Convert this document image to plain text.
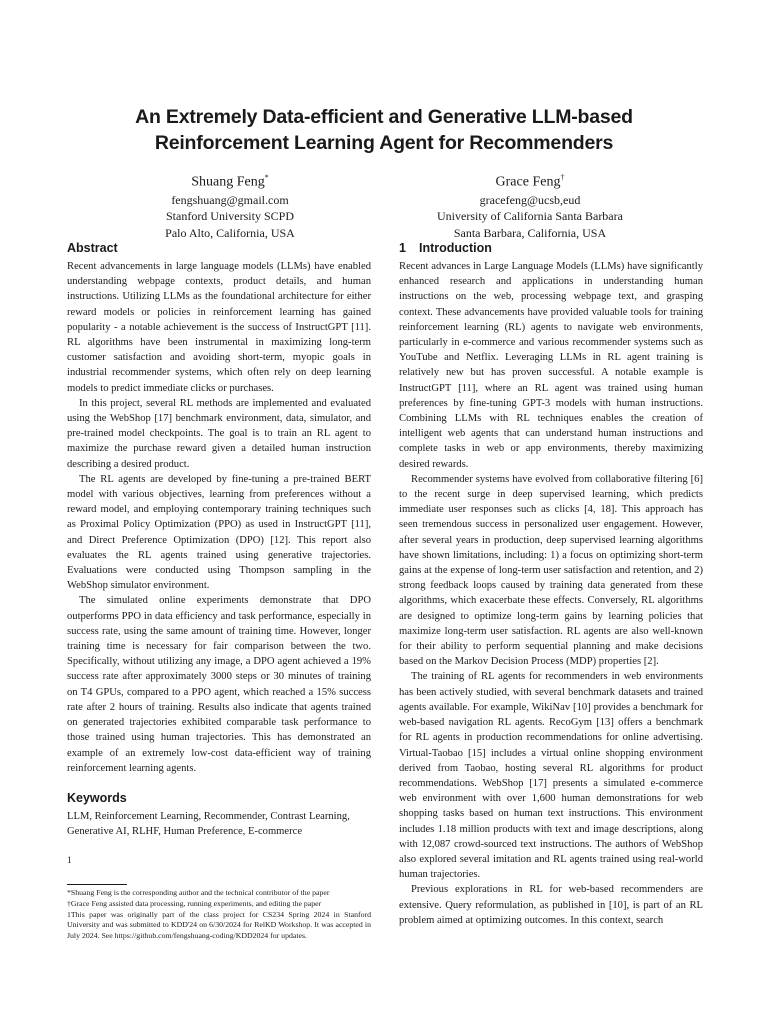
An Extremely Data-efficient and Generative LLM-based
Reinforcement Learning Agent for Recommenders
Shuang Feng*
fengshuang@gmail.com
Stanford University SCPD
Palo Alto, California, USA
Grace Feng†
gracefeng@ucsb,eud
University of California Santa Barbara
Santa Barbara, California, USA
Abstract

Recent advancements in large language models (LLMs) have enabled understanding webpage contexts, product details, and human instructions. Utilizing LLMs as the foundational architecture for either reward models or policies in reinforcement learning has gained popularity - a notable achievement is the success of InstructGPT [11]. RL algorithms have been instrumental in maximizing long-term customer satisfaction and avoiding short-term, myopic goals in industrial recommender systems, which often rely on deep learning models to predict immediate clicks or purchases.

In this project, several RL methods are implemented and evaluated using the WebShop [17] benchmark environment, data, simulator, and pre-trained model checkpoints. The goal is to train an RL agent to maximize the purchase reward given a detailed human instruction describing a desired product.

The RL agents are developed by fine-tuning a pre-trained BERT model with various objectives, learning from preferences without a reward model, and employing contemporary training techniques such as Proximal Policy Optimization (PPO) as used in InstructGPT [11], and Direct Preference Optimization (DPO) [12]. This report also evaluates the RL agents trained using generative trajectories. Evaluations were conducted using Thompson sampling in the WebShop simulator environment.

The simulated online experiments demonstrate that DPO outperforms PPO in data efficiency and task performance, especially in success rate, using the same amount of training time. However, longer training time is necessary for fair comparison between the two. Specifically, without utilizing any image, a DPO agent achieved a 19% success rate after approximately 3000 steps or 30 minutes of training on T4 GPUs, compared to a PPO agent, which reached a 15% success rate after 2 hours of training. Results also indicate that agents trained on generated trajectories exhibited comparable task performance to those trained using human trajectories. This has demonstrated an example of an extremely low-cost data-efficient way of training reinforcement learning agents.

Keywords

LLM, Reinforcement Learning, Recommender, Contrast Learning, Generative AI, RLHF, Human Preference, E-commerce

1
*Shuang Feng is the corresponding author and the technical contributor of the paper
†Grace Feng assisted data processing, running experiments, and editing the paper
1This paper was originally part of the class project for CS234 Spring 2024 in Stanford University and was submitted to KDD'24 on 6/30/2024 for RelKD Workshop. It was accepted in July 2024. See https://github.com/fengshuang-coding/KDD2024 for updates.
1 Introduction

Recent advances in Large Language Models (LLMs) have significantly enhanced research and applications in understanding human instructions on the web, processing webpage text, and grasping context. These advancements have provided valuable tools for training reinforcement learning (RL) agents to navigate web environments, particularly in e-commerce and various recommender systems such as YouTube and Netflix. Leveraging LLMs in RL agent training is relatively new but has proven successful. A notable example is InstructGPT [11], where an RL agent was trained using human preferences by fine-tuning GPT-3 models with human instructions. Combining LLMs with RL techniques enables the creation of intelligent web agents that can understand human instructions and complete tasks in web or app environments, thereby maximizing desired rewards.

Recommender systems have evolved from collaborative filtering [6] to the recent surge in deep supervised learning, which predicts immediate user responses such as clicks [4, 18]. This approach has seen tremendous success in personalized user engagement. However, after several years in production, deep supervised learning algorithms have shown limitations, including: 1) a focus on optimizing short-term gains at the expense of long-term user satisfaction and retention, and 2) strong feedback loops caused by training data generated from these algorithms, which exacerbate these effects. Conversely, RL algorithms are designed to optimize long-term gains by learning policies that maximize long-term user satisfaction. RL agents are also well-known for their ability to perform sequential planning and make decisions based on the Markov Decision Process (MDP) properties [2].

The training of RL agents for recommenders in web environments has been actively studied, with several benchmark datasets and trained agents available. For example, WikiNav [10] provides a benchmark for web-based navigation RL agents. RecoGym [13] offers a benchmark for RL agents in production recommendations for online advertising. Virtual-Taobao [15] includes a virtual online shopping environment derived from Taobao, hosting several RL algorithms for product recommendations. WebShop [17] presents a simulated e-commerce web environment with over 1,600 human demonstrations for web shopping tasks based on human text instructions. This environment includes 1.18 million products with text and image descriptions, along with 12,087 crowd-sourced text instructions. The authors of WebShop also explored several imitation and RL agents trained using real-world human trajectories.

Previous explorations in RL for web-based recommenders are extensive. Query reformulation, as published in [10], is part of an RL problem aimed at optimizing outcomes. In this context, search
